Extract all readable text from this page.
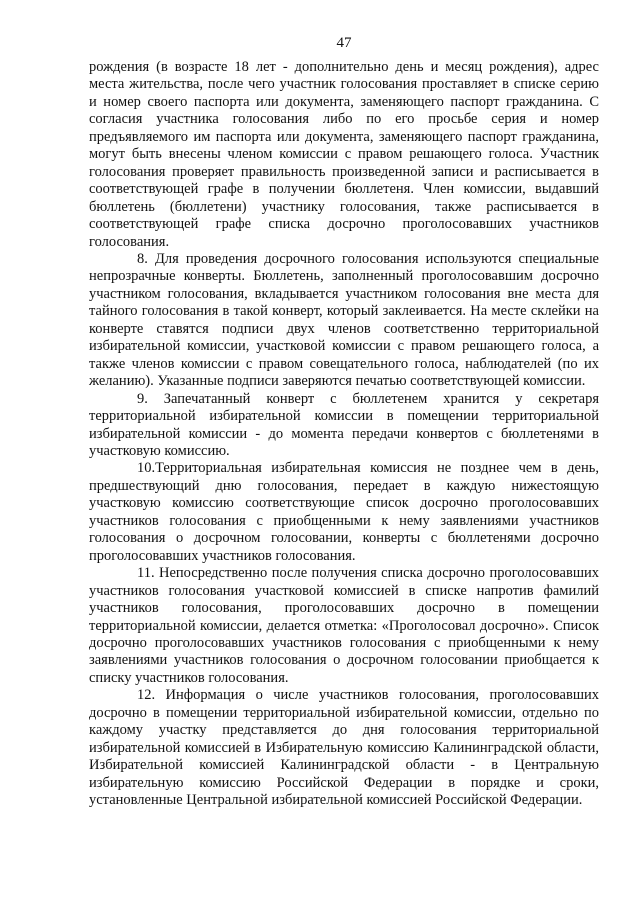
47

рождения (в возрасте 18 лет - дополнительно день и месяц рождения), адрес места жительства, после чего участник голосования проставляет в списке серию и номер своего паспорта или документа, заменяющего паспорт гражданина. С согласия участника голосования либо по его просьбе серия и номер предъявляемого им паспорта или документа, заменяющего паспорт гражданина, могут быть внесены членом комиссии с правом решающего голоса. Участник голосования проверяет правильность произведенной записи и расписывается в соответствующей графе в получении бюллетеня. Член комиссии, выдавший бюллетень (бюллетени) участнику голосования, также расписывается в соответствующей графе списка досрочно проголосовавших участников голосования.

8. Для проведения досрочного голосования используются специальные непрозрачные конверты. Бюллетень, заполненный проголосовавшим досрочно участником голосования, вкладывается участником голосования вне места для тайного голосования в такой конверт, который заклеивается. На месте склейки на конверте ставятся подписи двух членов соответственно территориальной избирательной комиссии, участковой комиссии с правом решающего голоса, а также членов комиссии с правом совещательного голоса, наблюдателей (по их желанию). Указанные подписи заверяются печатью соответствующей комиссии.

9. Запечатанный конверт с бюллетенем хранится у секретаря территориальной избирательной комиссии в помещении территориальной избирательной комиссии - до момента передачи конвертов с бюллетенями в участковую комиссию.

10.Территориальная избирательная комиссия не позднее чем в день, предшествующий дню голосования, передает в каждую нижестоящую участковую комиссию соответствующие список досрочно проголосовавших участников голосования с приобщенными к нему заявлениями участников голосования о досрочном голосовании, конверты с бюллетенями досрочно проголосовавших участников голосования.

11. Непосредственно после получения списка досрочно проголосовавших участников голосования участковой комиссией в списке напротив фамилий участников голосования, проголосовавших досрочно в помещении территориальной комиссии, делается отметка: «Проголосовал досрочно». Список досрочно проголосовавших участников голосования с приобщенными к нему заявлениями участников голосования о досрочном голосовании приобщается к списку участников голосования.

12. Информация о числе участников голосования, проголосовавших досрочно в помещении территориальной избирательной комиссии, отдельно по каждому участку представляется до дня голосования территориальной избирательной комиссией в Избирательную комиссию Калининградской области, Избирательной комиссией Калининградской области - в Центральную избирательную комиссию Российской Федерации в порядке и сроки, установленные Центральной избирательной комиссией Российской Федерации.
